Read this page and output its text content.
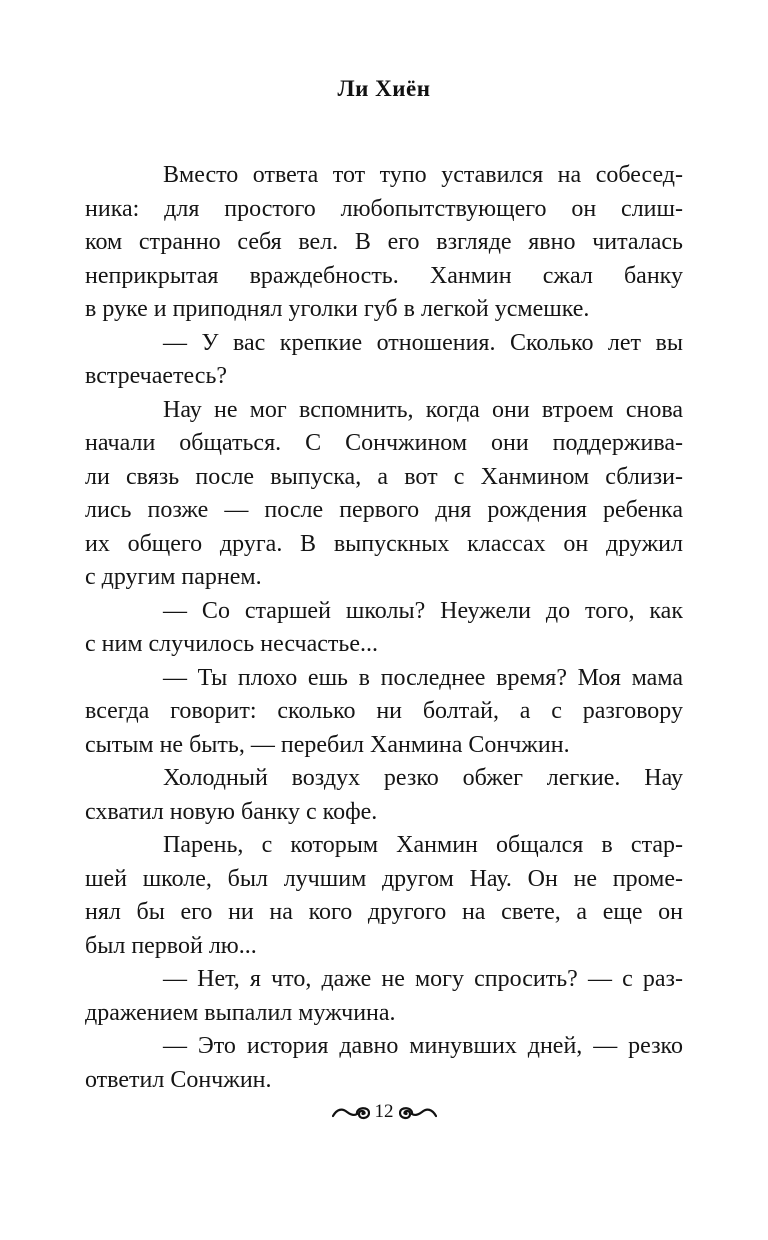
Ли Хиён
Вместо ответа тот тупо уставился на собесед-
ника: для простого любопытствующего он слиш-
ком странно себя вел. В его взгляде явно читалась
неприкрытая враждебность. Ханмин сжал банку
в руке и приподнял уголки губ в легкой усмешке.
— У вас крепкие отношения. Сколько лет вы
встречаетесь?
Нау не мог вспомнить, когда они втроем снова
начали общаться. С Сончжином они поддержива-
ли связь после выпуска, а вот с Ханмином сблизи-
лись позже — после первого дня рождения ребенка
их общего друга. В выпускных классах он дружил
с другим парнем.
— Со старшей школы? Неужели до того, как
с ним случилось несчастье...
— Ты плохо ешь в последнее время? Моя мама
всегда говорит: сколько ни болтай, а с разговору
сытым не быть, — перебил Ханмина Сончжин.
Холодный воздух резко обжег легкие. Нау
схватил новую банку с кофе.
Парень, с которым Ханмин общался в стар-
шей школе, был лучшим другом Нау. Он не проме-
нял бы его ни на кого другого на свете, а еще он
был первой лю...
— Нет, я что, даже не могу спросить? — с раз-
дражением выпалил мужчина.
— Это история давно минувших дней, — резко
ответил Сончжин.
12
